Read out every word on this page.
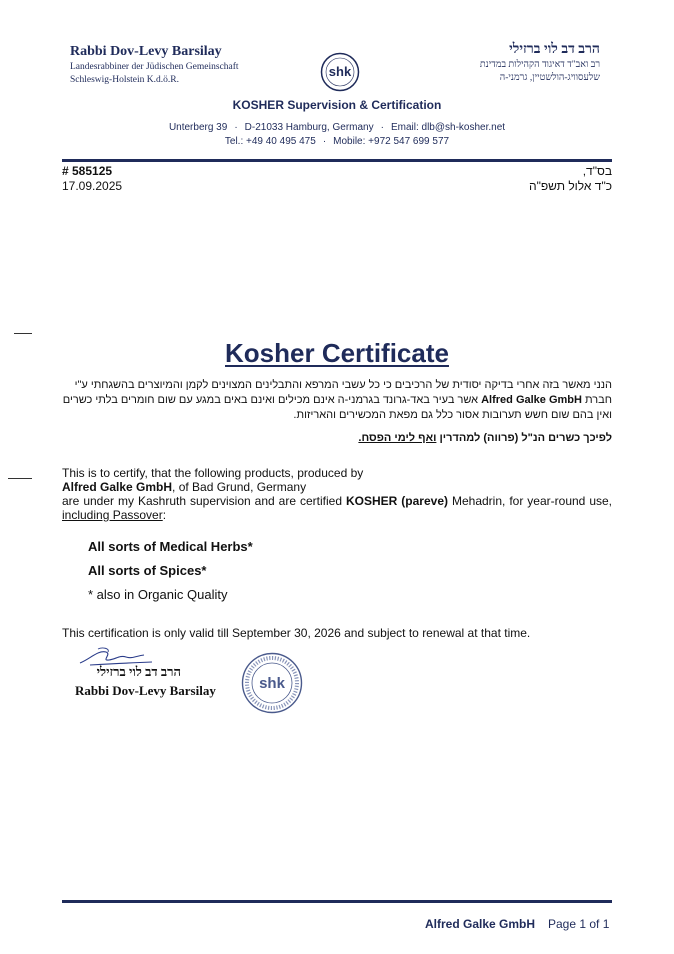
Rabbi Dov-Levy Barsilay
Landesrabbiner der Jüdischen Gemeinschaft
Schleswig-Holstein K.d.ö.R.
shk
הרב דב לוי ברזילי
רב ואב"ד דאיגוד הקהילות במדינת
שלעסוויג-הולשטיין, גרמני-ה
KOSHER Supervision & Certification
Unterberg 39 · D-21033 Hamburg, Germany · Email: dlb@sh-kosher.net
Tel.: +49 40 495 475 · Mobile: +972 547 699 577
# 585125
17.09.2025
בס"ד,
כ"ד אלול תשפ"ה
Kosher Certificate
הנני מאשר בזה אחרי בדיקה יסודית של הרכיבים כי כל עשבי המרפא והתבלינים המצוינים לקמן והמיוצרים בהשגחתי ע"י חברת Alfred Galke GmbH אשר בעיר באד-גרונד בגרמני-ה אינם מכילים ואינם באים במגע עם שום חומרים בלתי כשרים ואין בהם שום חשש תערובות אסור כלל גם מפאת המכשירים והאריזות.
לפיכך כשרים הנ"ל (פרווה) למהדרין ואף לימי הפסח.
This is to certify, that the following products, produced by
Alfred Galke GmbH, of Bad Grund, Germany
are under my Kashruth supervision and are certified KOSHER (pareve) Mehadrin, for year-round use, including Passover:
All sorts of Medical Herbs*
All sorts of Spices*
* also in Organic Quality
This certification is only valid till September 30, 2026 and subject to renewal at that time.
הרב דב לוי ברזילי
Rabbi Dov-Levy Barsilay	shk
Alfred Galke GmbH Page 1 of 1
